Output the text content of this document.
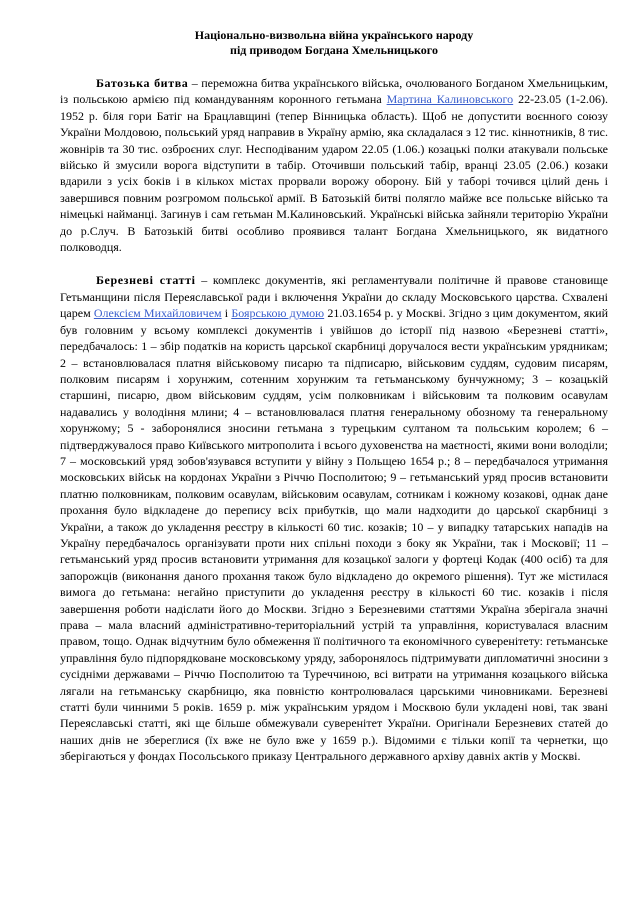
Національно-визвольна війна українського народу
під приводом Богдана Хмельницького

Батозька битва – переможна битва українського війська, очолюваного Богданом Хмельницьким, із польською армією під командуванням коронного гетьмана Мартина Калиновського 22-23.05 (1-2.06). 1952 р. біля гори Батіг на Брацлавщині (тепер Вінницька область). Щоб не допустити воєнного союзу України Молдовою, польський уряд направив в Україну армію, яка складалася з 12 тис. кіннотників, 8 тис. жовнірів та 30 тис. озброєних слуг. Несподіваним ударом 22.05 (1.06.) козацькі полки атакували польське військо й змусили ворога відступити в табір. Оточивши польський табір, вранці 23.05 (2.06.) козаки вдарили з усіх боків і в кількох містах прорвали ворожу оборону. Бій у таборі точився цілий день і завершився повним розгромом польської армії. В Батозькій битві полягло майже все польське військо та німецькі найманці. Загинув і сам гетьман М.Калиновський. Українські війська зайняли територію України до р.Случ. В Батозькій битві особливо проявився талант Богдана Хмельницького, як видатного полководця.

Березневі статті – комплекс документів, які регламентували політичне й правове становище Гетьманщини після Переяславської ради і включення України до складу Московського царства. Схвалені царем Олексієм Михайловичем і Боярською думою 21.03.1654 р. у Москві. Згідно з цим документом, який був головним у всьому комплексі документів і увійшов до історії під назвою «Березневі статті», передбачалось: 1 – збір податків на користь царської скарбниці доручалося вести українським урядникам; 2 – встановлювалася платня військовому писарю та підписарю, військовим суддям, судовим писарям, полковим писарям і хорунжим, сотенним хорунжим та гетьманському бунчужному; 3 – козацькій старшині, писарю, двом військовим суддям, усім полковникам і військовим та полковим осавулам надавались у володіння млини; 4 – встановлювалася платня генеральному обозному та генеральному хорунжому; 5 - заборонялися зносини гетьмана з турецьким султаном та польським королем; 6 – підтверджувалося право Київського митрополита і всього духовенства на маєтності, якими вони володіли; 7 – московський уряд зобов'язувався вступити у війну з Польщею 1654 р.; 8 – передбачалося утримання московських військ на кордонах України з Річчю Посполитою; 9 – гетьманський уряд просив встановити платню полковникам, полковим осавулам, військовим осавулам, сотникам і кожному козакові, однак дане прохання було відкладене до перепису всіх прибутків, що мали надходити до царської скарбниці з України, а також до укладення реєстру в кількості 60 тис. козаків; 10 – у випадку татарських нападів на Україну передбачалось організувати проти них спільні походи з боку як України, так і Московії; 11 – гетьманський уряд просив встановити утримання для козацької залоги у фортеці Кодак (400 осіб) та для запорожців (виконання даного прохання також було відкладено до окремого рішення). Тут же містилася вимога до гетьмана: негайно приступити до укладення реєстру в кількості 60 тис. козаків і після завершення роботи надіслати його до Москви. Згідно з Березневими статтями Україна зберігала значні права – мала власний адміністративно-територіальний устрій та управління, користувалася власним правом, тощо. Однак відчутним було обмеження її політичного та економічного суверенітету: гетьманське управління було підпорядковане московському уряду, заборонялось підтримувати дипломатичні зносини з сусідніми державами – Річчю Посполитою та Туреччиною, всі витрати на утримання козацького війська лягали на гетьманську скарбницю, яка повністю контролювалася царськими чиновниками. Березневі статті були чинними 5 років. 1659 р. між українським урядом і Москвою були укладені нові, так звані Переяславські статті, які ще більше обмежували суверенітет України. Оригінали Березневих статей до наших днів не збереглися (їх вже не було вже у 1659 р.). Відомими є тільки копії та чернетки, що зберігаються у фондах Посольського приказу Центрального державного архіву давніх актів у Москві.
